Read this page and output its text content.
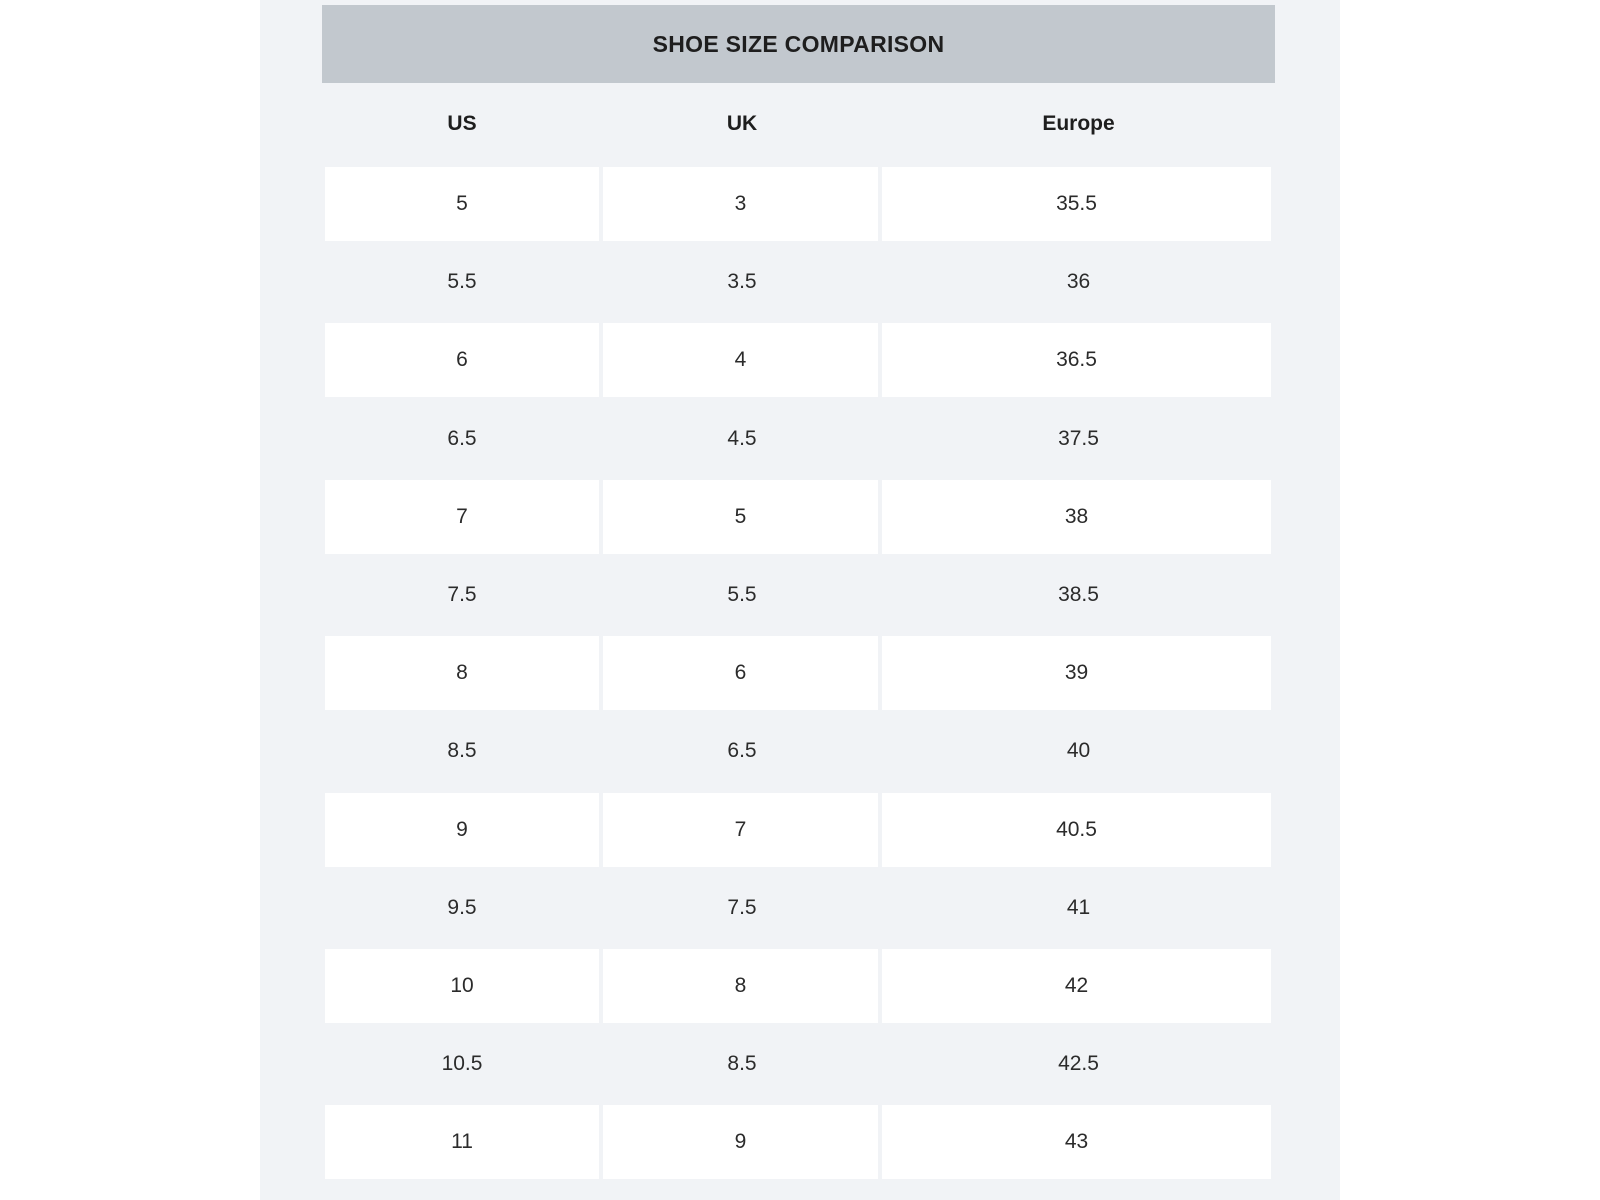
SHOE SIZE COMPARISON
US	UK	Europe
5	3	35.5
5.5	3.5	36
6	4	36.5
6.5	4.5	37.5
7	5	38
7.5	5.5	38.5
8	6	39
8.5	6.5	40
9	7	40.5
9.5	7.5	41
10	8	42
10.5	8.5	42.5
11	9	43
